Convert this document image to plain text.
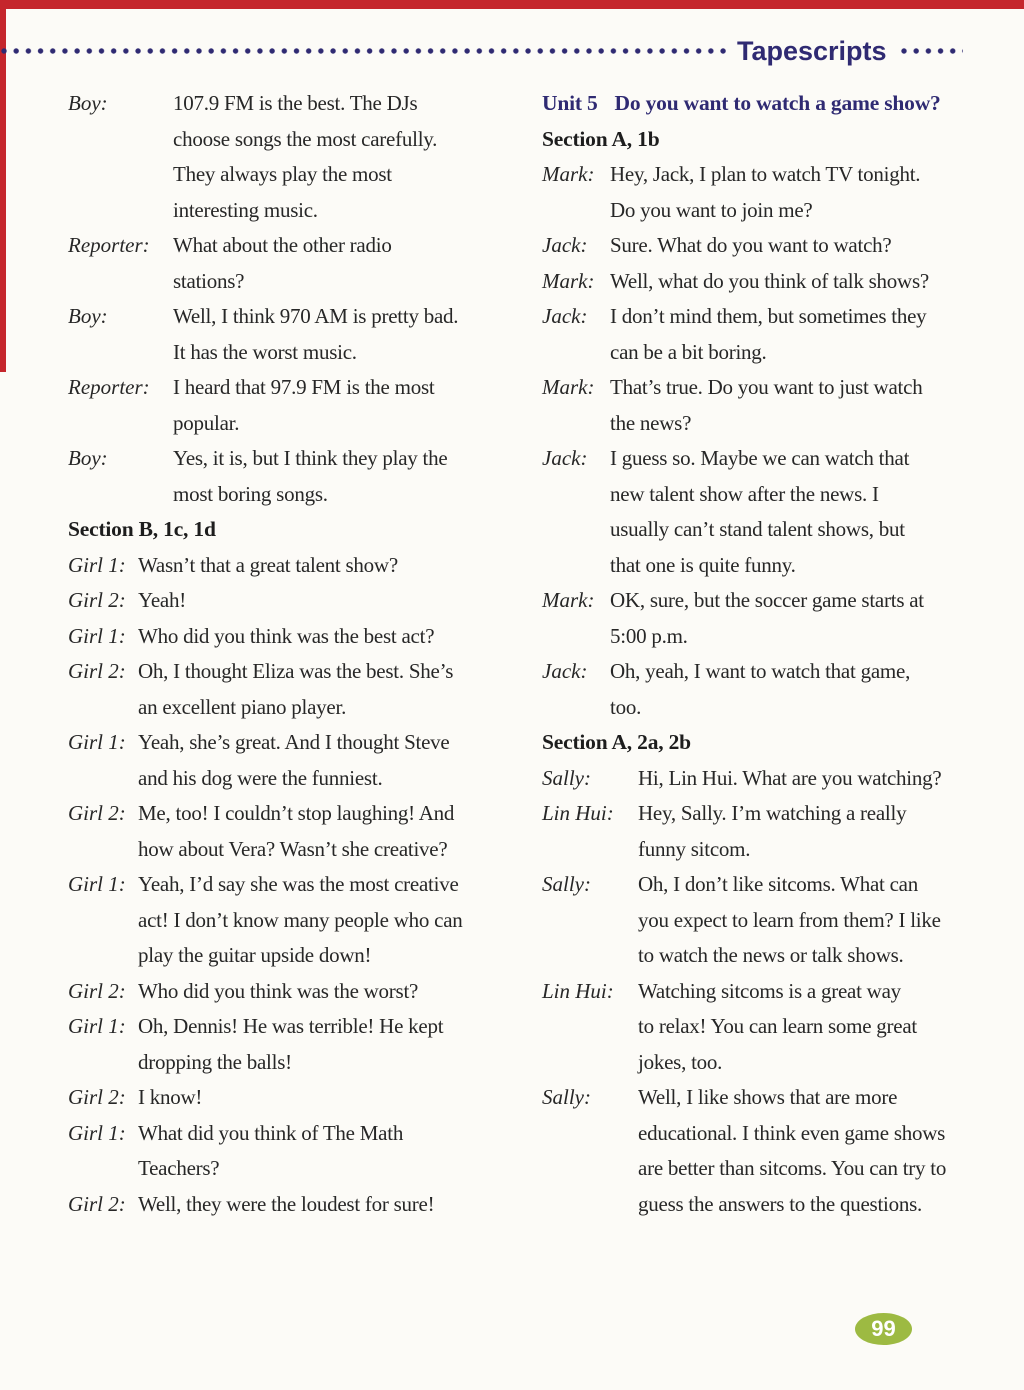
Tapescripts
Boy:	107.9 FM is the best. The DJs
choose songs the most carefully.
They always play the most
interesting music.
Reporter:	What about the other radio
stations?
Boy:	Well, I think 970 AM is pretty bad.
It has the worst music.
Reporter:	I heard that 97.9 FM is the most
popular.
Boy:	Yes, it is, but I think they play the
most boring songs.
Section B, 1c, 1d
Girl 1: Wasn’t that a great talent show?
Girl 2: Yeah!
Girl 1: Who did you think was the best act?
Girl 2: Oh, I thought Eliza was the best. She’s
an excellent piano player.
Girl 1: Yeah, she’s great. And I thought Steve
and his dog were the funniest.
Girl 2: Me, too! I couldn’t stop laughing! And
how about Vera? Wasn’t she creative?
Girl 1: Yeah, I’d say she was the most creative
act! I don’t know many people who can
play the guitar upside down!
Girl 2: Who did you think was the worst?
Girl 1: Oh, Dennis! He was terrible! He kept
dropping the balls!
Girl 2: I know!
Girl 1: What did you think of The Math
Teachers?
Girl 2: Well, they were the loudest for sure!
Unit 5 Do you want to watch a game show?
Section A, 1b
Mark: Hey, Jack, I plan to watch TV tonight.
Do you want to join me?
Jack:	Sure. What do you want to watch?
Mark: Well, what do you think of talk shows?
Jack:	I don’t mind them, but sometimes they
can be a bit boring.
Mark: That’s true. Do you want to just watch
the news?
Jack:	I guess so. Maybe we can watch that
new talent show after the news. I
usually can’t stand talent shows, but
that one is quite funny.
Mark: OK, sure, but the soccer game starts at
5:00 p.m.
Jack:	Oh, yeah, I want to watch that game,
too.
Section A, 2a, 2b
Sally:	Hi, Lin Hui. What are you watching?
Lin Hui:	Hey, Sally. I’m watching a really
funny sitcom.
Sally:	Oh, I don’t like sitcoms. What can
you expect to learn from them? I like
to watch the news or talk shows.
Lin Hui:	Watching sitcoms is a great way
to relax! You can learn some great
jokes, too.
Sally:	Well, I like shows that are more
educational. I think even game shows
are better than sitcoms. You can try to
guess the answers to the questions.
99
